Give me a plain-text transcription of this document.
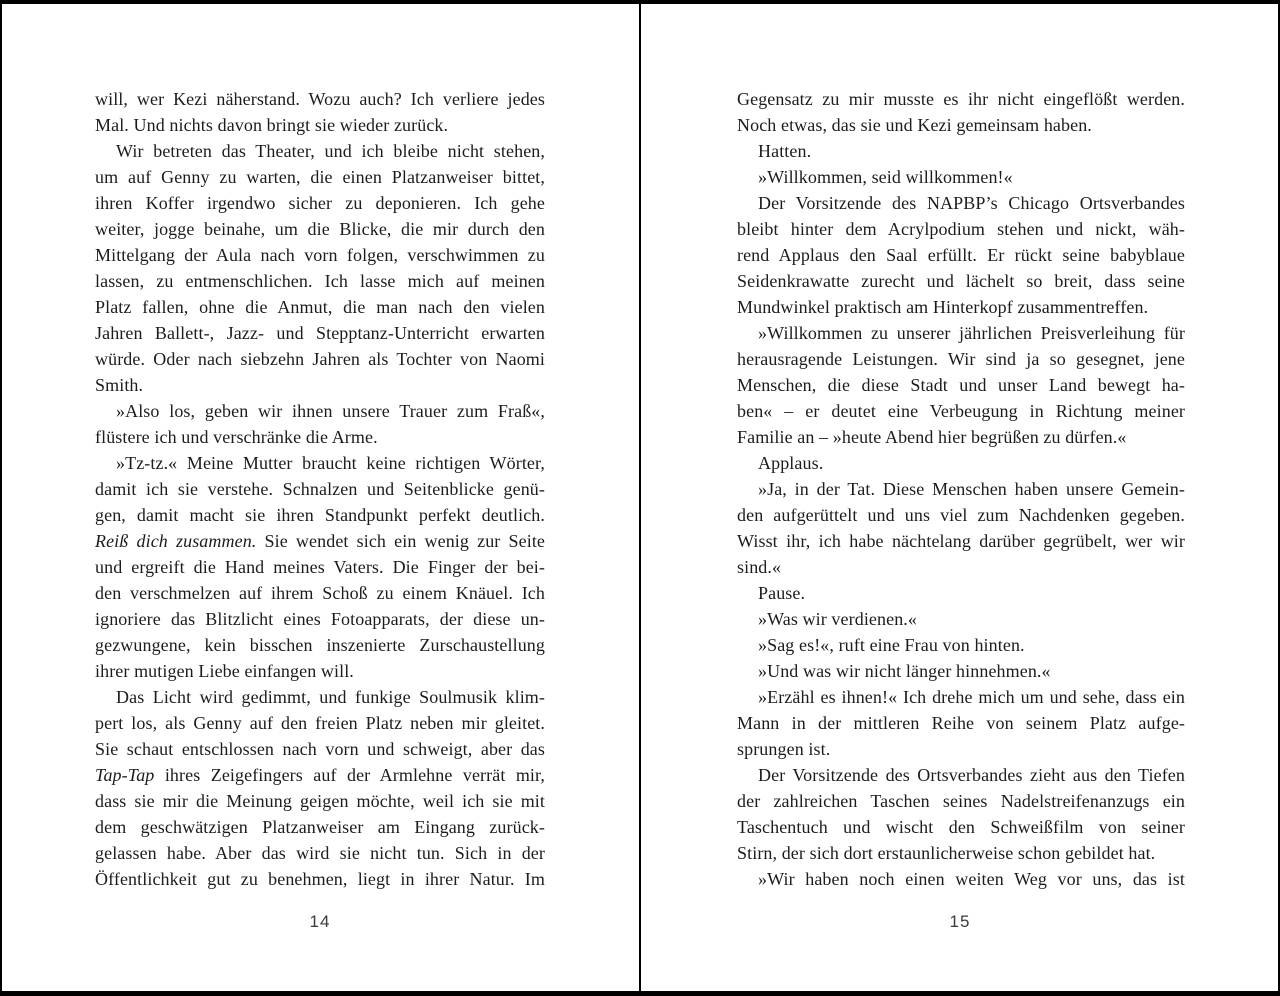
will, wer Kezi näherstand. Wozu auch? Ich verliere jedes
Mal. Und nichts davon bringt sie wieder zurück.
Wir betreten das Theater, und ich bleibe nicht stehen,
um auf Genny zu warten, die einen Platzanweiser bittet,
ihren Koffer irgendwo sicher zu deponieren. Ich gehe
weiter, jogge beinahe, um die Blicke, die mir durch den
Mittelgang der Aula nach vorn folgen, verschwimmen zu
lassen, zu entmenschlichen. Ich lasse mich auf meinen
Platz fallen, ohne die Anmut, die man nach den vielen
Jahren Ballett-, Jazz- und Stepptanz-Unterricht erwarten
würde. Oder nach siebzehn Jahren als Tochter von Naomi
Smith.
»Also los, geben wir ihnen unsere Trauer zum Fraß«,
flüstere ich und verschränke die Arme.
»Tz-tz.« Meine Mutter braucht keine richtigen Wörter,
damit ich sie verstehe. Schnalzen und Seitenblicke genü-
gen, damit macht sie ihren Standpunkt perfekt deutlich.
Reiß dich zusammen. Sie wendet sich ein wenig zur Seite
und ergreift die Hand meines Vaters. Die Finger der bei-
den verschmelzen auf ihrem Schoß zu einem Knäuel. Ich
ignoriere das Blitzlicht eines Fotoapparats, der diese un-
gezwungene, kein bisschen inszenierte Zurschaustellung
ihrer mutigen Liebe einfangen will.
Das Licht wird gedimmt, und funkige Soulmusik klim-
pert los, als Genny auf den freien Platz neben mir gleitet.
Sie schaut entschlossen nach vorn und schweigt, aber das
Tap-Tap ihres Zeigefingers auf der Armlehne verrät mir,
dass sie mir die Meinung geigen möchte, weil ich sie mit
dem geschwätzigen Platzanweiser am Eingang zurück-
gelassen habe. Aber das wird sie nicht tun. Sich in der
Öffentlichkeit gut zu benehmen, liegt in ihrer Natur. Im
14
Gegensatz zu mir musste es ihr nicht eingeflößt werden.
Noch etwas, das sie und Kezi gemeinsam haben.
Hatten.
»Willkommen, seid willkommen!«
Der Vorsitzende des NAPBP’s Chicago Ortsverbandes
bleibt hinter dem Acrylpodium stehen und nickt, wäh-
rend Applaus den Saal erfüllt. Er rückt seine babyblaue
Seidenkrawatte zurecht und lächelt so breit, dass seine
Mundwinkel praktisch am Hinterkopf zusammentreffen.
»Willkommen zu unserer jährlichen Preisverleihung für
herausragende Leistungen. Wir sind ja so gesegnet, jene
Menschen, die diese Stadt und unser Land bewegt ha-
ben« – er deutet eine Verbeugung in Richtung meiner
Familie an – »heute Abend hier begrüßen zu dürfen.«
Applaus.
»Ja, in der Tat. Diese Menschen haben unsere Gemein-
den aufgerüttelt und uns viel zum Nachdenken gegeben.
Wisst ihr, ich habe nächtelang darüber gegrübelt, wer wir
sind.«
Pause.
»Was wir verdienen.«
»Sag es!«, ruft eine Frau von hinten.
»Und was wir nicht länger hinnehmen.«
»Erzähl es ihnen!« Ich drehe mich um und sehe, dass ein
Mann in der mittleren Reihe von seinem Platz aufge-
sprungen ist.
Der Vorsitzende des Ortsverbandes zieht aus den Tiefen
der zahlreichen Taschen seines Nadelstreifenanzugs ein
Taschentuch und wischt den Schweißfilm von seiner
Stirn, der sich dort erstaunlicherweise schon gebildet hat.
»Wir haben noch einen weiten Weg vor uns, das ist
15
